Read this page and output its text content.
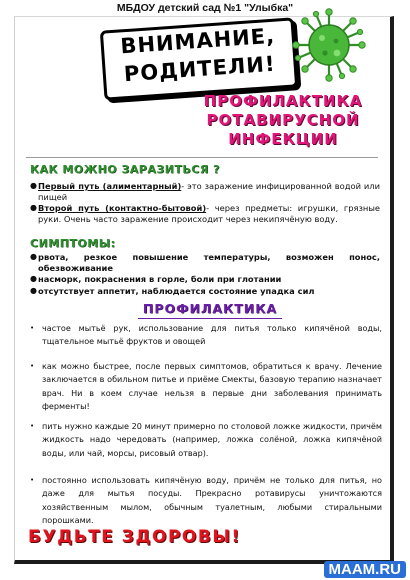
МБДОУ детский сад №1 "Улыбка"
ВНИМАНИЕ,
РОДИТЕЛИ!
ПРОФИЛАКТИКА
РОТАВИРУСНОЙ
ИНФЕКЦИИ
КАК МОЖНО ЗАРАЗИТЬСЯ ?
● Первый путь (алиментарный)- это заражение инфицированной водой или пищей
● Второй путь (контактно-бытовой)- через предметы: игрушки, грязные руки. Очень часто заражение происходит через некипячёную воду.
СИМПТОМЫ:
● рвота, резкое повышение температуры, возможен понос, обезвоживание
● насморк, покраснения в горле, боли при глотании
● отсутствует аппетит, наблюдается состояние упадка сил
ПРОФИЛАКТИКА
• частое мытьё рук, использование для питья только кипячёной воды, тщательное мытьё фруктов и овощей
• как можно быстрее, после первых симптомов, обратиться к врачу. Лечение заключается в обильном питье и приёме Смекты, базовую терапию назначает врач. Ни в коем случае нельзя в первые дни заболевания принимать ферменты!
• пить нужно каждые 20 минут примерно по столовой ложке жидкости, причём жидкость надо чередовать (например, ложка солёной, ложка кипячёной воды, или чай, морсы, рисовый отвар).
• постоянно использовать кипячёную воду, причём не только для питья, но даже для мытья посуды. Прекрасно ротавирусы уничтожаются хозяйственным мылом, обычным туалетным, любыми стиральными порошками.
БУДЬТЕ ЗДОРОВЫ!
MAAM.RU
